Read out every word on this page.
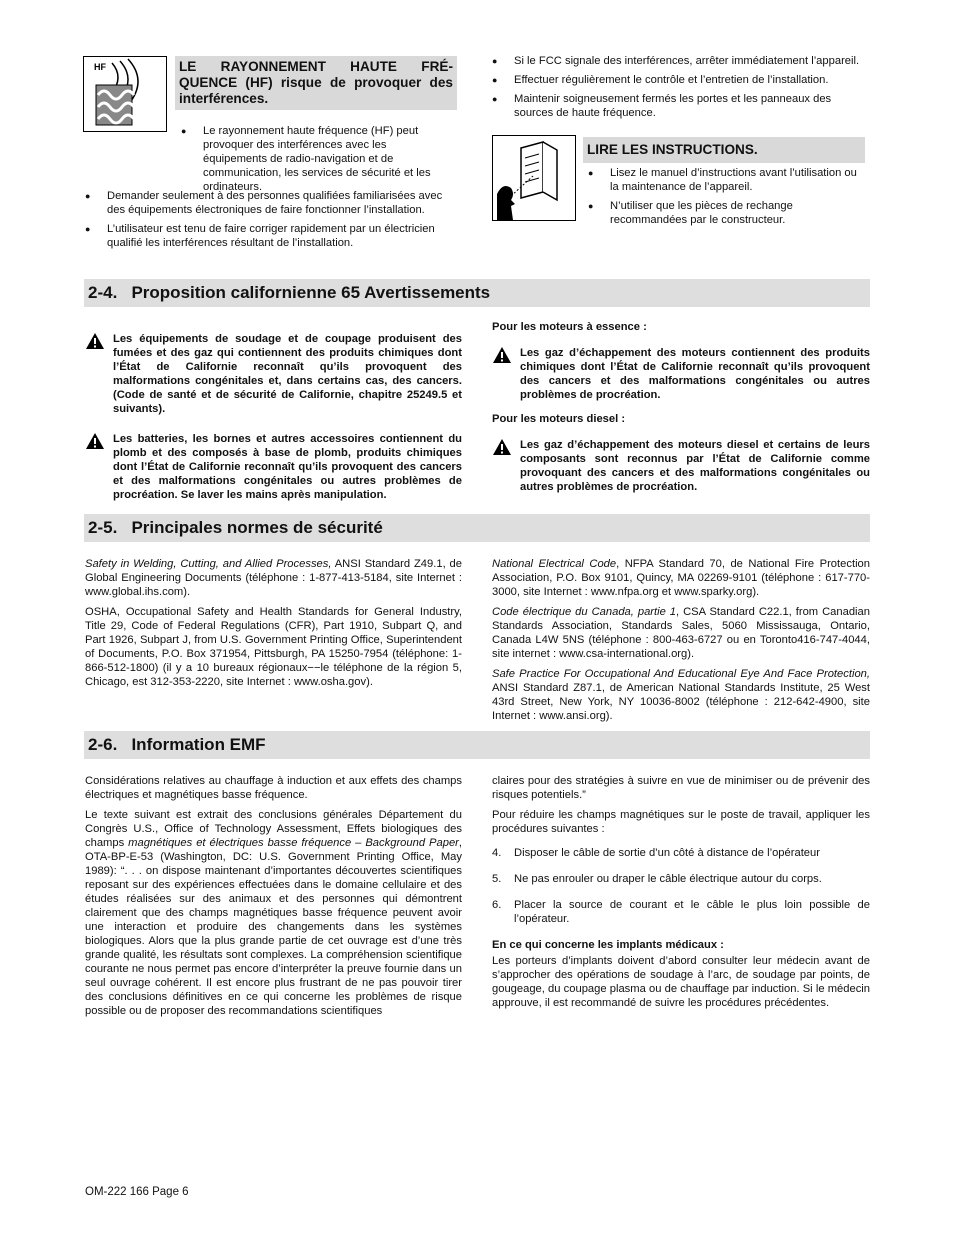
HF	LE RAYONNEMENT HAUTE FRÉ- QUENCE (HF) risque de provoquer des interférences.
● Le rayonnement haute fréquence (HF) peut provoquer des interférences avec les équipements de radio-navigation et de communication, les services de sécurité et les ordinateurs.
● Demander seulement à des personnes qualifiées familiarisées avec des équipements électroniques de faire fonctionner l’installation.
● L’utilisateur est tenu de faire corriger rapidement par un électricien qualifié les interférences résultant de l’installation.
● Si le FCC signale des interférences, arrêter immédiatement l’appareil.
● Effectuer régulièrement le contrôle et l’entretien de l’installation.
● Maintenir soigneusement fermés les portes et les panneaux des sources de haute fréquence.
LIRE LES INSTRUCTIONS.
● Lisez le manuel d’instructions avant l’utilisation ou la maintenance de l’appareil.
● N’utiliser que les pièces de rechange recommandées par le constructeur.
2-4.   Proposition californienne 65 Avertissements
Les équipements de soudage et de coupage produisent des fumées et des gaz qui contiennent des produits chimiques dont l’État de Californie reconnaît qu’ils provoquent des malformations congénitales et, dans certains cas, des cancers. (Code de santé et de sécurité de Californie, chapitre 25249.5 et suivants).
Les batteries, les bornes et autres accessoires contiennent du plomb et des composés à base de plomb, produits chimiques dont l’État de Californie reconnaît qu’ils provoquent des cancers et des malformations congénitales ou autres problèmes de procréation. Se laver les mains après manipulation.

Pour les moteurs à essence :

Les gaz d’échappement des moteurs contiennent des produits chimiques dont l’État de Californie reconnaît qu’ils provoquent des cancers et des malformations congénitales ou autres problèmes de procréation.

Pour les moteurs diesel :

Les gaz d’échappement des moteurs diesel et certains de leurs composants sont reconnus par l’État de Californie comme provoquant des cancers et des malformations congénitales ou autres problèmes de procréation.
2-5.   Principales normes de sécurité

Safety in Welding, Cutting, and Allied Processes, ANSI Standard Z49.1, de Global Engineering Documents (téléphone : 1-877-413-5184, site Internet : www.global.ihs.com).

OSHA, Occupational Safety and Health Standards for General Industry, Title 29, Code of Federal Regulations (CFR), Part 1910, Subpart Q, and Part 1926, Subpart J, from U.S. Government Printing Office, Superintendent of Documents, P.O. Box 371954, Pittsburgh, PA 15250-7954 (téléphone: 1-866-512-1800) (il y a 10 bureaux régionaux−−le téléphone de la région 5, Chicago, est 312-353-2220, site Internet : www.osha.gov).

National Electrical Code, NFPA Standard 70, de National Fire Protection Association, P.O. Box 9101, Quincy, MA 02269-9101 (téléphone : 617-770-3000, site Internet : www.nfpa.org et www.sparky.org).

Code électrique du Canada, partie 1, CSA Standard C22.1, from Canadian Standards Association, Standards Sales, 5060 Mississauga, Ontario, Canada L4W 5NS (téléphone : 800-463-6727 ou en Toronto416-747-4044, site internet : www.csa-international.org).

Safe Practice For Occupational And Educational Eye And Face Protection, ANSI Standard Z87.1, de American National Standards Institute, 25 West 43rd Street, New York, NY 10036-8002 (téléphone : 212-642-4900, site Internet : www.ansi.org).

2-6.   Information EMF

Considérations relatives au chauffage à induction et aux effets des champs électriques et magnétiques basse fréquence.

Le texte suivant est extrait des conclusions générales Département du Congrès U.S., Office of Technology Assessment, Effets biologiques des champs magnétiques et électriques basse fréquence – Background Paper, OTA-BP-E-53 (Washington, DC: U.S. Government Printing Office, May 1989): “. . . on dispose maintenant d’importantes découvertes scientifiques reposant sur des expériences effectuées dans le domaine cellulaire et des études réalisées sur des animaux et des personnes qui démontrent clairement que des champs magnétiques basse fréquence peuvent avoir une interaction et produire des changements dans les systèmes biologiques. Alors que la plus grande partie de cet ouvrage est d’une très grande qualité, les résultats sont complexes. La compréhension scientifique courante ne nous permet pas encore d’interpréter la preuve fournie dans un seul ouvrage cohérent. Il est encore plus frustrant de ne pas pouvoir tirer des conclusions définitives en ce qui concerne les problèmes de risque possible ou de proposer des recommandations scientifiques

claires pour des stratégies à suivre en vue de minimiser ou de prévenir des risques potentiels.”

Pour réduire les champs magnétiques sur le poste de travail, appliquer les procédures suivantes :

4. Disposer le câble de sortie d’un côté à distance de l’opérateur
5. Ne pas enrouler ou draper le câble électrique autour du corps.
6. Placer la source de courant et le câble le plus loin possible de l’opérateur.

En ce qui concerne les implants médicaux :

Les porteurs d’implants doivent d’abord consulter leur médecin avant de s’approcher des opérations de soudage à l’arc, de soudage par points, de gougeage, du coupage plasma ou de chauffage par induction. Si le médecin approuve, il est recommandé de suivre les procédures précédentes.

OM-222 166 Page 6
